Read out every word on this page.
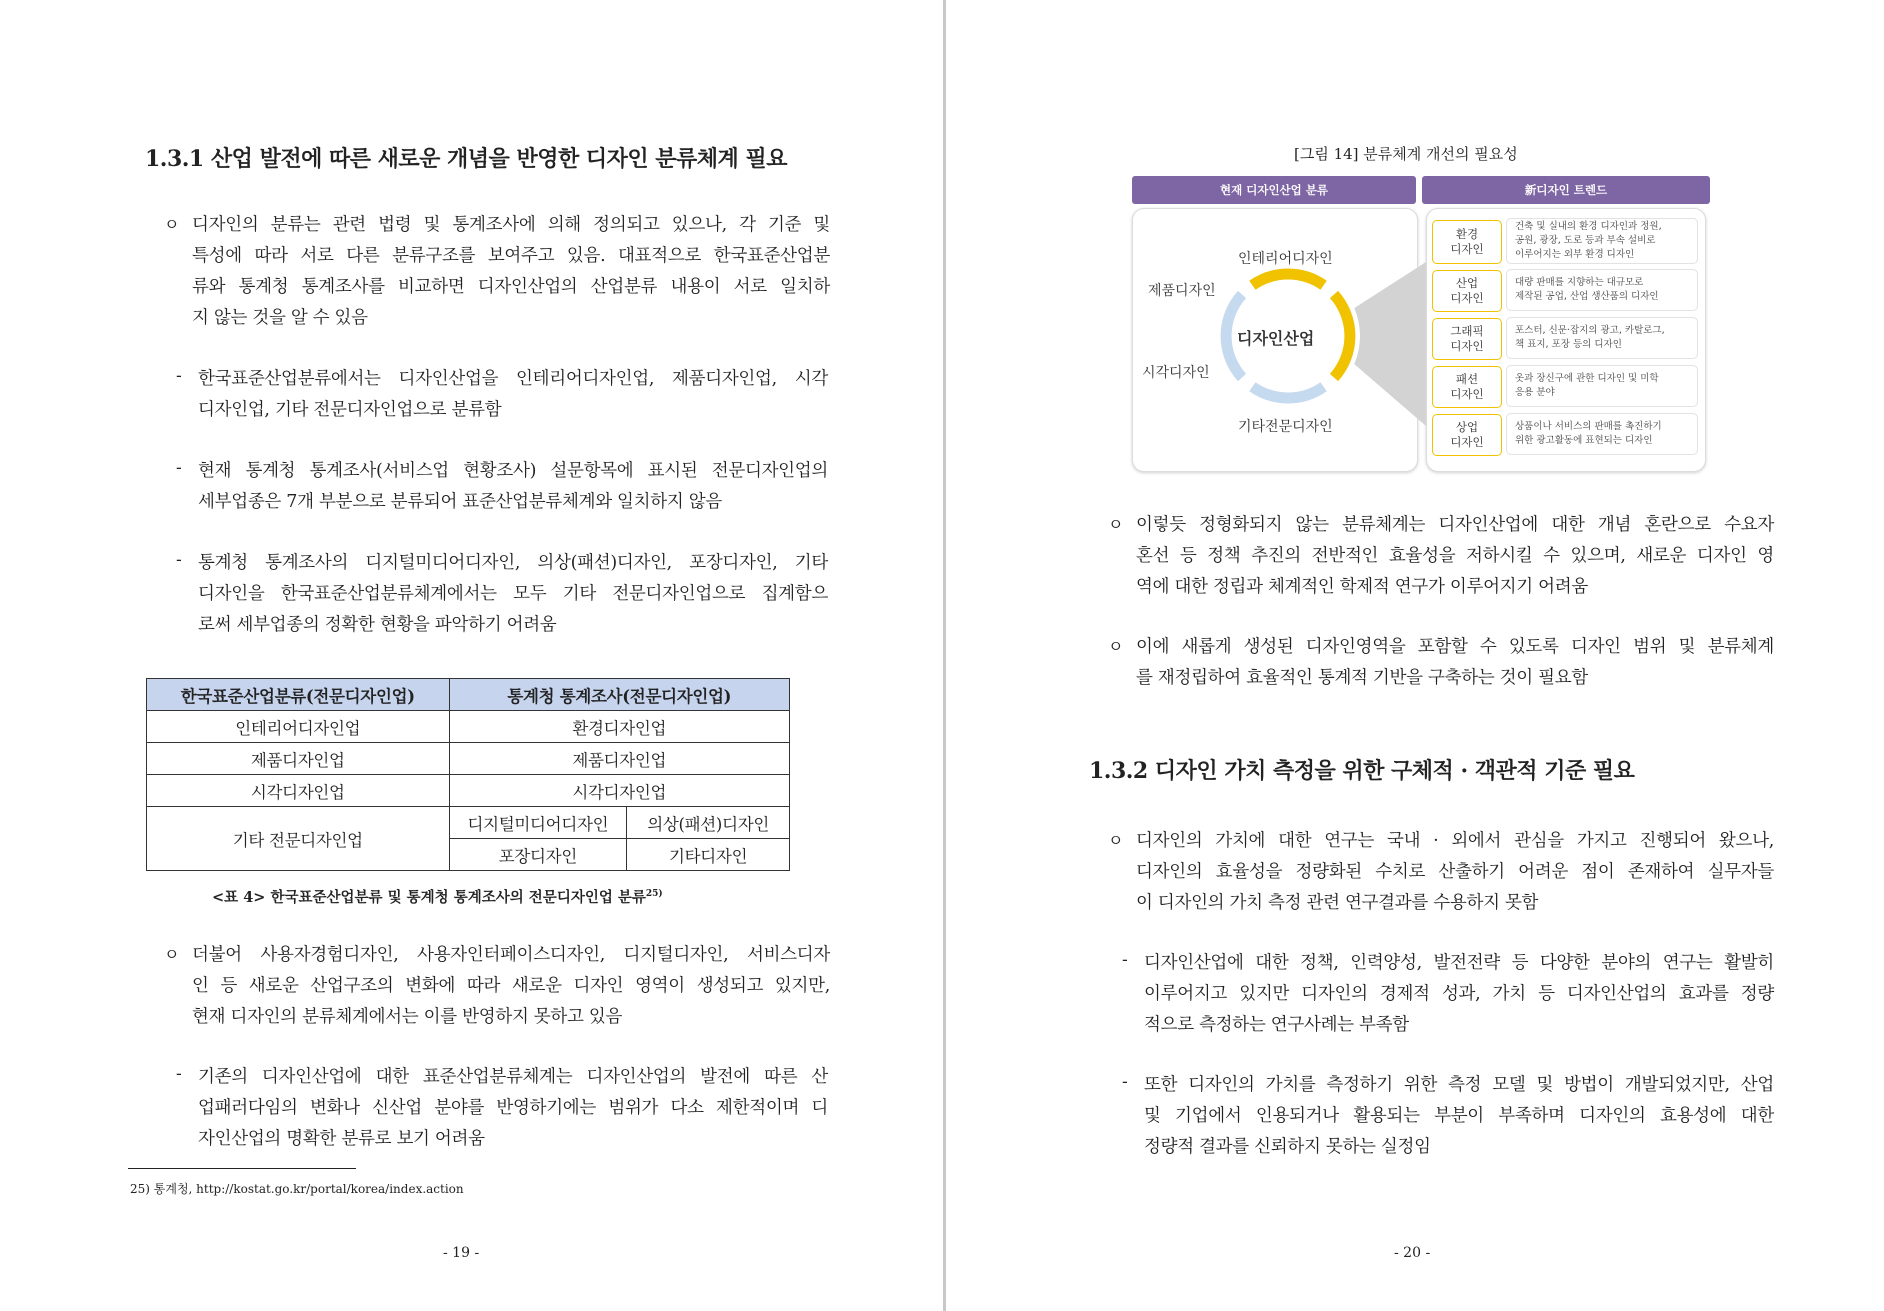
1.3.1 산업 발전에 따른 새로운 개념을 반영한 디자인 분류체계 필요
ㅇ 디자인의 분류는 관련 법령 및 통계조사에 의해 정의되고 있으나, 각 기준 및
특성에 따라 서로 다른 분류구조를 보여주고 있음. 대표적으로 한국표준산업분
류와 통계청 통계조사를 비교하면 디자인산업의 산업분류 내용이 서로 일치하
지 않는 것을 알 수 있음
- 한국표준산업분류에서는 디자인산업을 인테리어디자인업, 제품디자인업, 시각
디자인업, 기타 전문디자인업으로 분류함
- 현재 통계청 통계조사(서비스업 현황조사) 설문항목에 표시된 전문디자인업의
세부업종은 7개 부분으로 분류되어 표준산업분류체계와 일치하지 않음
- 통계청 통계조사의 디지털미디어디자인, 의상(패션)디자인, 포장디자인, 기타
디자인을 한국표준산업분류체계에서는 모두 기타 전문디자인업으로 집계함으
로써 세부업종의 정확한 현황을 파악하기 어려움
한국표준산업분류(전문디자인업)	통계청 통계조사(전문디자인업)	
인테리어디자인업	환경디자인업	
제품디자인업	제품디자인업	
시각디자인업	시각디자인업	
기타 전문디자인업	디지털미디어디자인	의상(패션)디자인
	포장디자인	기타디자인
<표 4> 한국표준산업분류 및 통계청 통계조사의 전문디자인업 분류$^{25)}$
ㅇ 더불어 사용자경험디자인, 사용자인터페이스디자인, 디지털디자인, 서비스디자
인 등 새로운 산업구조의 변화에 따라 새로운 디자인 영역이 생성되고 있지만,
현재 디자인의 분류체계에서는 이를 반영하지 못하고 있음
- 기존의 디자인산업에 대한 표준산업분류체계는 디자인산업의 발전에 따른 산
업패러다임의 변화나 신산업 분야를 반영하기에는 범위가 다소 제한적이며 디
자인산업의 명확한 분류로 보기 어려움
25) 통계청, http://kostat.go.kr/portal/korea/index.action
- 19 -
[그림 14] 분류체계 개선의 필요성
현재 디자인산업 분류	新디자인 트렌드
디자인산업
인테리어디자인
제품디자인
시각디자인
기타전문디자인
환경
디자인
건축 및 실내의 환경 디자인과 정원,
공원, 광장, 도로 등과 부속 설비로
이루어지는 외부 환경 디자인
산업
디자인
대량 판매를 지향하는 대규모로
제작된 공업, 산업 생산품의 디자인
그래픽
디자인
포스터, 신문·잡지의 광고, 카탈로그,
책 표지, 포장 등의 디자인
패션
디자인
옷과 장신구에 관한 디자인 및 미학
응용 분야
상업
디자인
상품이나 서비스의 판매를 촉진하기
위한 광고활동에 표현되는 디자인
ㅇ 이렇듯 정형화되지 않는 분류체계는 디자인산업에 대한 개념 혼란으로 수요자
혼선 등 정책 추진의 전반적인 효율성을 저하시킬 수 있으며, 새로운 디자인 영
역에 대한 정립과 체계적인 학제적 연구가 이루어지기 어려움
ㅇ 이에 새롭게 생성된 디자인영역을 포함할 수 있도록 디자인 범위 및 분류체계
를 재정립하여 효율적인 통계적 기반을 구축하는 것이 필요함
1.3.2 디자인 가치 측정을 위한 구체적 · 객관적 기준 필요
ㅇ 디자인의 가치에 대한 연구는 국내 · 외에서 관심을 가지고 진행되어 왔으나,
디자인의 효율성을 정량화된 수치로 산출하기 어려운 점이 존재하여 실무자들
이 디자인의 가치 측정 관련 연구결과를 수용하지 못함
- 디자인산업에 대한 정책, 인력양성, 발전전략 등 다양한 분야의 연구는 활발히
이루어지고 있지만 디자인의 경제적 성과, 가치 등 디자인산업의 효과를 정량
적으로 측정하는 연구사례는 부족함
- 또한 디자인의 가치를 측정하기 위한 측정 모델 및 방법이 개발되었지만, 산업
및 기업에서 인용되거나 활용되는 부분이 부족하며 디자인의 효용성에 대한
정량적 결과를 신뢰하지 못하는 실정임
- 20 -
